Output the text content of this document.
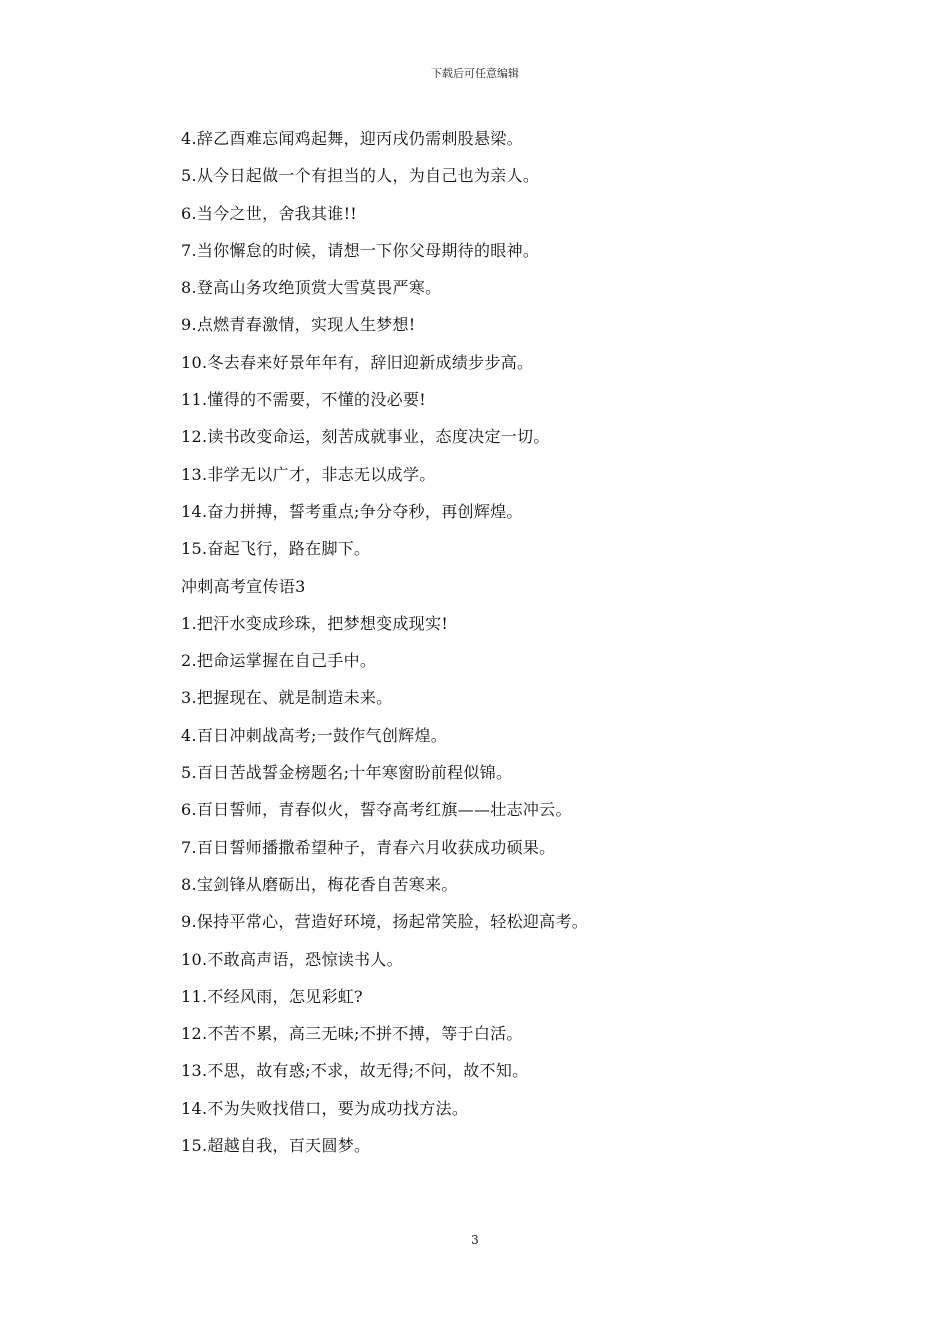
下载后可任意编辑
4.辞乙酉难忘闻鸡起舞，迎丙戌仍需刺股悬梁。
5.从今日起做一个有担当的人，为自己也为亲人。
6.当今之世，舍我其谁!!
7.当你懈怠的时候，请想一下你父母期待的眼神。
8.登高山务攻绝顶赏大雪莫畏严寒。
9.点燃青春激情，实现人生梦想!
10.冬去春来好景年年有，辞旧迎新成绩步步高。
11.懂得的不需要，不懂的没必要!
12.读书改变命运，刻苦成就事业，态度决定一切。
13.非学无以广才，非志无以成学。
14.奋力拼搏，誓考重点;争分夺秒，再创辉煌。
15.奋起飞行，路在脚下。
冲刺高考宣传语3
1.把汗水变成珍珠，把梦想变成现实!
2.把命运掌握在自己手中。
3.把握现在、就是制造未来。
4.百日冲刺战高考;一鼓作气创辉煌。
5.百日苦战誓金榜题名;十年寒窗盼前程似锦。
6.百日誓师，青春似火，誓夺高考红旗——壮志冲云。
7.百日誓师播撒希望种子，青春六月收获成功硕果。
8.宝剑锋从磨砺出，梅花香自苦寒来。
9.保持平常心，营造好环境，扬起常笑脸，轻松迎高考。
10.不敢高声语，恐惊读书人。
11.不经风雨，怎见彩虹?
12.不苦不累，高三无味;不拼不搏，等于白活。
13.不思，故有惑;不求，故无得;不问，故不知。
14.不为失败找借口，要为成功找方法。
15.超越自我，百天圆梦。
3
